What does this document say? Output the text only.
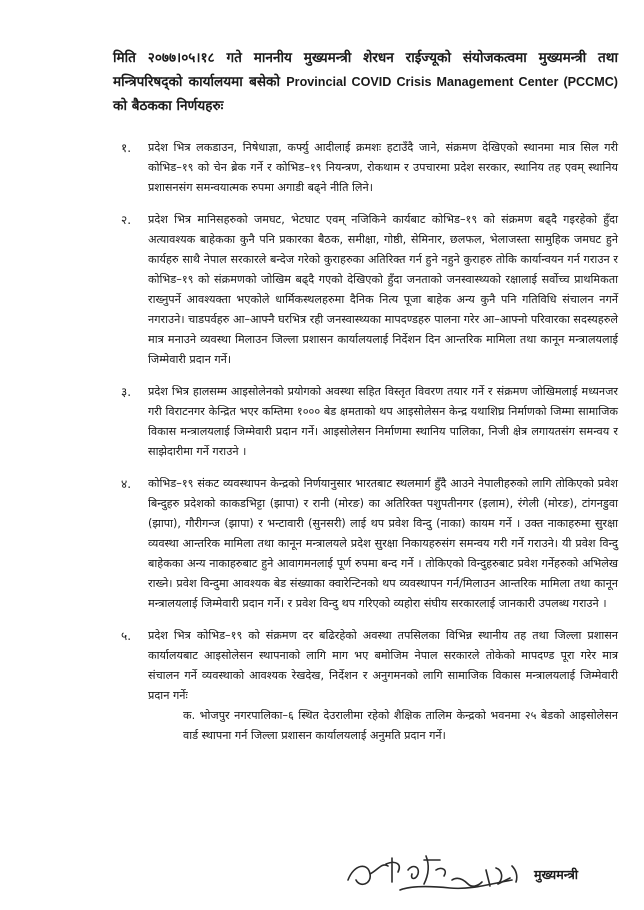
मिति २०७७।०५।१८ गते माननीय मुख्यमन्त्री शेरधन राईज्यूको संयोजकत्वमा मुख्यमन्त्री तथा मन्त्रिपरिषद्को कार्यालयमा बसेको Provincial COVID Crisis Management Center (PCCMC) को बैठकका निर्णयहरुः
१. प्रदेश भित्र लकडाउन, निषेधाज्ञा, कर्फ्यु आदीलाई क्रमशः हटाउँदै जाने, संक्रमण देखिएको स्थानमा मात्र सिल गरी कोभिड–१९ को चेन ब्रेक गर्ने र कोभिड–१९ नियन्त्रण, रोकथाम र उपचारमा प्रदेश सरकार, स्थानिय तह एवम् स्थानिय प्रशासनसंग समन्वयात्मक रुपमा अगाडी बढ्ने नीति लिने।
२. प्रदेश भित्र मानिसहरुको जमघट, भेटघाट एवम् नजिकिने कार्यबाट कोभिड–१९ को संक्रमण बढ्दै गइरहेको हुँदा अत्यावश्यक बाहेकका कुनै पनि प्रकारका बैठक, समीक्षा, गोष्ठी, सेमिनार, छलफल, भेलाजस्ता सामुहिक जमघट हुने कार्यहरु साथै नेपाल सरकारले बन्देज गरेको कुराहरुका अतिरिक्त गर्न हुने नहुने कुराहरु तोकि कार्यान्वयन गर्न गराउन र कोभिड–१९ को संक्रमणको जोखिम बढ्दै गएको देखिएको हुँदा जनताको जनस्वास्थ्यको रक्षालाई सर्वोच्च प्राथमिकता राख्नुपर्ने आवश्यक्ता भएकोले धार्मिकस्थलहरुमा दैनिक नित्य पूजा बाहेक अन्य कुनै पनि गतिविधि संचालन नगर्ने नगराउने। चाडपर्वहरु आ–आफ्नै घरभित्र रही जनस्वास्थ्यका मापदण्डहरु पालना गरेर आ–आफ्नो परिवारका सदस्यहरुले मात्र मनाउने व्यवस्था मिलाउन जिल्ला प्रशासन कार्यालयलाई निर्देशन दिन आन्तरिक मामिला तथा कानून मन्त्रालयलाई जिम्मेवारी प्रदान गर्ने।
३. प्रदेश भित्र हालसम्म आइसोलेनको प्रयोगको अवस्था सहित विस्तृत विवरण तयार गर्ने र संक्रमण जोखिमलाई मध्यनजर गरी विराटनगर केन्द्रित भएर कम्तिमा १००० बेड क्षमताको थप आइसोलेसन केन्द्र यथाशिघ्र निर्माणको जिम्मा सामाजिक विकास मन्त्रालयलाई जिम्मेवारी प्रदान गर्ने। आइसोलेसन निर्माणमा स्थानिय पालिका, निजी क्षेत्र लगायतसंग समन्वय र साझेदारीमा गर्ने गराउने ।
४. कोभिड–१९ संकट व्यवस्थापन केन्द्रको निर्णयानुसार भारतबाट स्थलमार्ग हुँदै आउने नेपालीहरुको लागि तोकिएको प्रवेश बिन्दुहरु प्रदेशको काकडभिट्टा (झापा) र रानी (मोरङ) का अतिरिक्त पशुपतीनगर (इलाम), रंगेली (मोरङ), टांगनडुवा (झापा), गौरीगन्ज (झापा) र भन्टावारी (सुनसरी) लाई थप प्रवेश विन्दु (नाका) कायम गर्ने । उक्त नाकाहरुमा सुरक्षा व्यवस्था आन्तरिक मामिला तथा कानून मन्त्रालयले प्रदेश सुरक्षा निकायहरुसंग समन्वय गरी गर्ने गराउने। यी प्रवेश विन्दु बाहेकका अन्य नाकाहरुबाट हुने आवागमनलाई पूर्ण रुपमा बन्द गर्ने । तोकिएको विन्दुहरुबाट प्रवेश गर्नेहरुको अभिलेख राख्ने। प्रवेश विन्दुमा आवश्यक बेड संख्याका क्वारेन्टिनको थप व्यवस्थापन गर्न/मिलाउन आन्तरिक मामिला तथा कानून मन्त्रालयलाई जिम्मेवारी प्रदान गर्ने। र प्रवेश विन्दु थप गरिएको व्यहोरा संघीय सरकारलाई जानकारी उपलब्ध गराउने ।
५. प्रदेश भित्र कोभिड–१९ को संक्रमण दर बढिरहेको अवस्था तपसिलका विभिन्न स्थानीय तह तथा जिल्ला प्रशासन कार्यालयबाट आइसोलेसन स्थापनाको लागि माग भए बमोजिम नेपाल सरकारले तोकेको मापदण्ड पूरा गरेर मात्र संचालन गर्ने व्यवस्थाको आवश्यक रेखदेख, निर्देशन र अनुगमनको लागि सामाजिक विकास मन्त्रालयलाई जिम्मेवारी प्रदान गर्नेः
क. भोजपुर नगरपालिका–६ स्थित देउरालीमा रहेको शैक्षिक तालिम केन्द्रको भवनमा २५ बेडको आइसोलेसन वार्ड स्थापना गर्न जिल्ला प्रशासन कार्यालयलाई अनुमति प्रदान गर्ने।
मुख्यमन्त्री
